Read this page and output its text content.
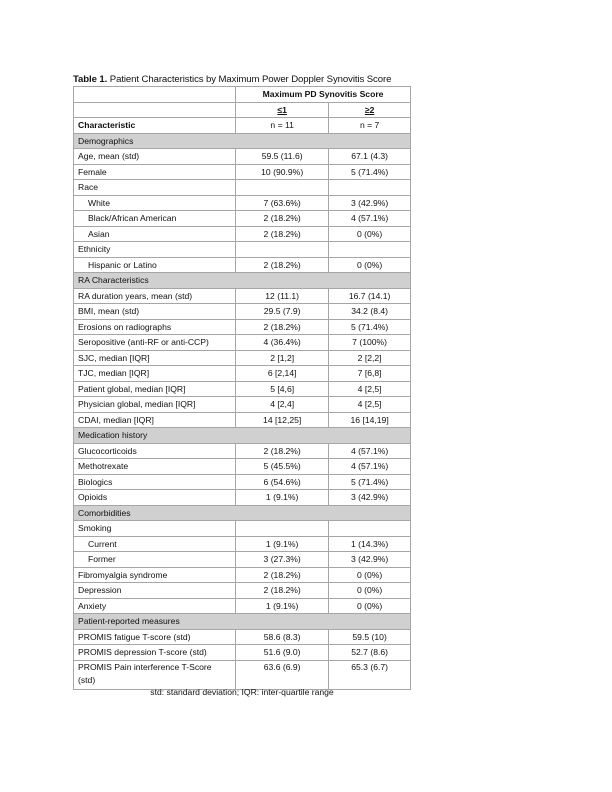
Table 1. Patient Characteristics by Maximum Power Doppler Synovitis Score
	Maximum PD Synovitis Score	
	≤1	≥2
Characteristic	n = 11	n = 7
Demographics		
Age, mean (std)	59.5 (11.6)	67.1 (4.3)
Female	10 (90.9%)	5 (71.4%)
Race		
White	7 (63.6%)	3 (42.9%)
Black/African American	2 (18.2%)	4 (57.1%)
Asian	2 (18.2%)	0 (0%)
Ethnicity		
Hispanic or Latino	2 (18.2%)	0 (0%)
RA Characteristics		
RA duration years, mean (std)	12 (11.1)	16.7 (14.1)
BMI, mean (std)	29.5 (7.9)	34.2 (8.4)
Erosions on radiographs	2 (18.2%)	5 (71.4%)
Seropositive (anti-RF or anti-CCP)	4 (36.4%)	7 (100%)
SJC, median [IQR]	2 [1,2]	2 [2,2]
TJC, median [IQR]	6 [2,14]	7 [6,8]
Patient global, median [IQR]	5 [4,6]	4 [2,5]
Physician global, median [IQR]	4 [2,4]	4 [2,5]
CDAI, median [IQR]	14 [12,25]	16 [14,19]
Medication history		
Glucocorticoids	2 (18.2%)	4 (57.1%)
Methotrexate	5 (45.5%)	4 (57.1%)
Biologics	6 (54.6%)	5 (71.4%)
Opioids	1 (9.1%)	3 (42.9%)
Comorbidities		
Smoking		
Current	1 (9.1%)	1 (14.3%)
Former	3 (27.3%)	3 (42.9%)
Fibromyalgia syndrome	2 (18.2%)	0 (0%)
Depression	2 (18.2%)	0 (0%)
Anxiety	1 (9.1%)	0 (0%)
Patient-reported measures		
PROMIS fatigue T-score (std)	58.6 (8.3)	59.5 (10)
PROMIS depression T-score (std)	51.6 (9.0)	52.7 (8.6)
PROMIS Pain interference T-Score (std)	63.6 (6.9)	65.3 (6.7)
std: standard deviation; IQR: inter-quartile range
